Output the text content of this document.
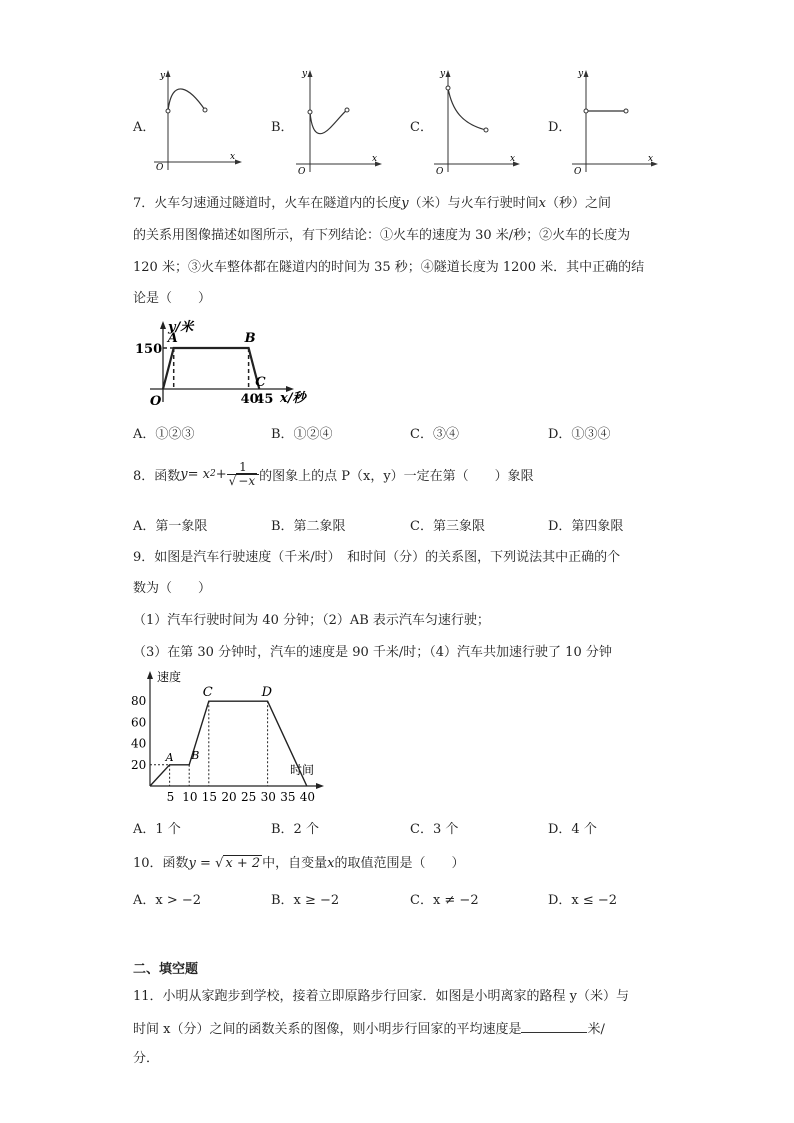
A．
y
x
O
B．
y
x
O
C．
y
x
O
D．
y
x
O
7．火车匀速通过隧道时，火车在隧道内的长度y（米）与火车行驶时间x（秒）之间
的关系用图像描述如图所示，有下列结论：①火车的速度为 30 米/秒；②火车的长度为
120 米；③火车整体都在隧道内的时间为 35 秒；④隧道长度为 1200 米．其中正确的结
论是（　　）
y/米
x/秒
O
A	B
C
40
45
150
A．①②③	B．①②④	C．③④	D．①③④
8．函数 y = x $2 + \frac{1}{√ -x}$ 的图象上的点 P（x，y）一定在第（　　）象限
A．第一象限	B．第二象限	C．第三象限	D．第四象限
9．如图是汽车行驶速度（千米/时）　和时间（分）的关系图，下列说法其中正确的个
数为（　　）
（1）汽车行驶时间为 40 分钟；（2）AB 表示汽车匀速行驶；
（3）在第 30 分钟时，汽车的速度是 90 千米/时；（4）汽车共加速行驶了 10 分钟
速度
时间
A B
C	D
5 10 15 20 25 30 35 40
20
40
60
80
A．1 个	B．2 个	C．3 个	D．4 个
10．函数y = √ x + 2 中，自变量x的取值范围是（　　）
A．x > −2	B．x ≥ −2	C．x ≠ −2	D．x ≤ −2
二、填空题
11．小明从家跑步到学校，接着立即原路步行回家．如图是小明离家的路程 y（米）与
时间 x（分）之间的函数关系的图像，则小明步行回家的平均速度是	米/
分．
